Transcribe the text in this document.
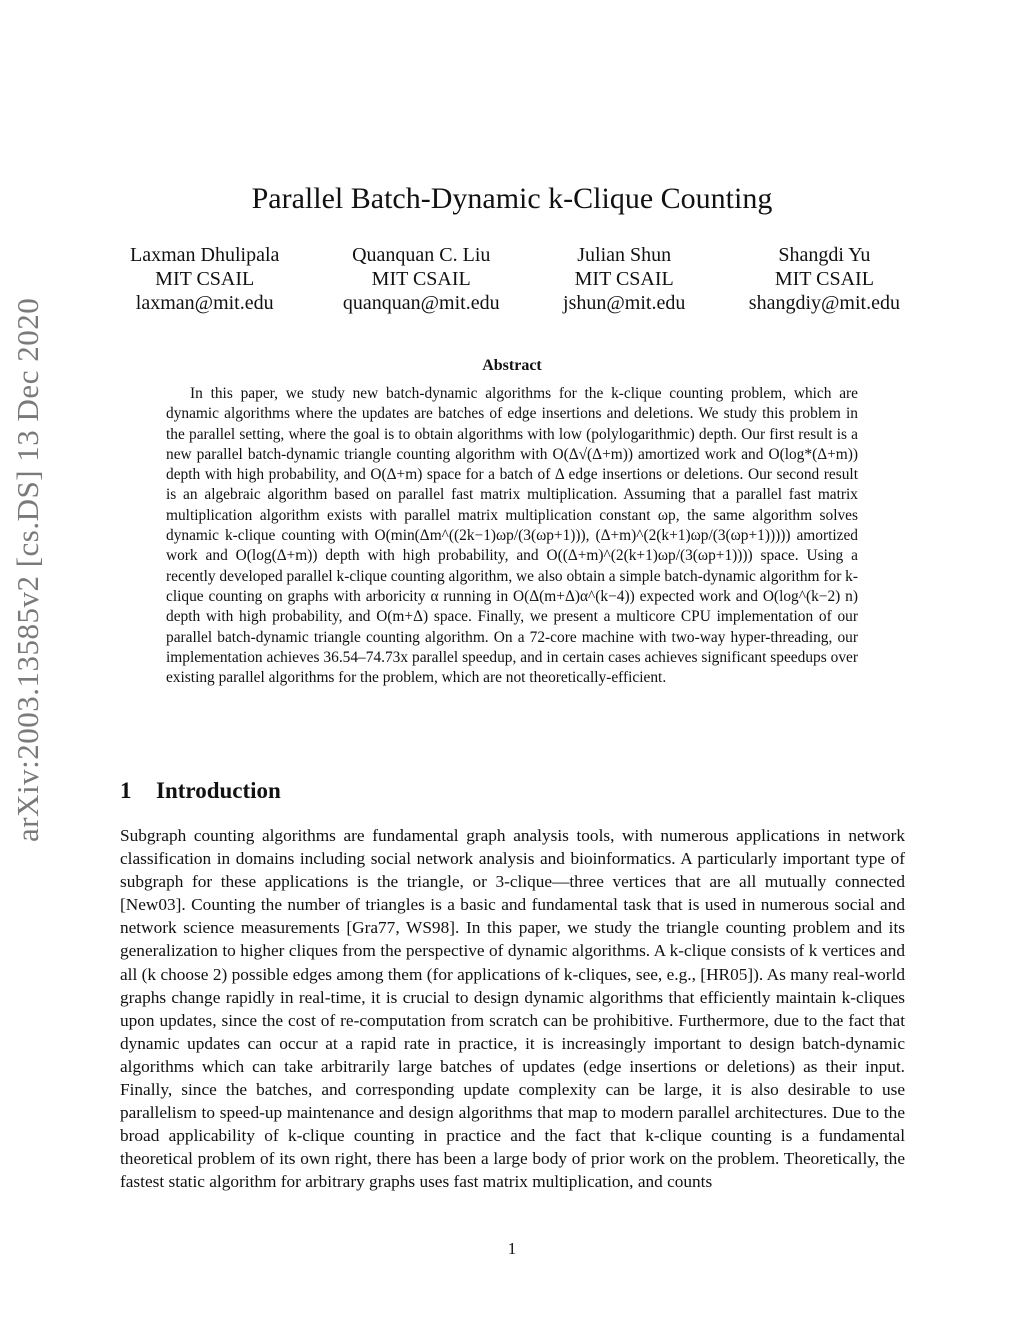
arXiv:2003.13585v2 [cs.DS] 13 Dec 2020
Parallel Batch-Dynamic k-Clique Counting
Laxman Dhulipala
MIT CSAIL
laxman@mit.edu
Quanquan C. Liu
MIT CSAIL
quanquan@mit.edu
Julian Shun
MIT CSAIL
jshun@mit.edu
Shangdi Yu
MIT CSAIL
shangdiy@mit.edu
Abstract

In this paper, we study new batch-dynamic algorithms for the k-clique counting problem, which are dynamic algorithms where the updates are batches of edge insertions and deletions. We study this problem in the parallel setting, where the goal is to obtain algorithms with low (polylogarithmic) depth. Our first result is a new parallel batch-dynamic triangle counting algorithm with O(Δ√(Δ+m)) amortized work and O(log*(Δ+m)) depth with high probability, and O(Δ+m) space for a batch of Δ edge insertions or deletions. Our second result is an algebraic algorithm based on parallel fast matrix multiplication. Assuming that a parallel fast matrix multiplication algorithm exists with parallel matrix multiplication constant ωp, the same algorithm solves dynamic k-clique counting with O(min(Δm^((2k−1)ωp/(3(ωp+1))), (Δ+m)^(2(k+1)ωp/(3(ωp+1))))) amortized work and O(log(Δ+m)) depth with high probability, and O((Δ+m)^(2(k+1)ωp/(3(ωp+1)))) space. Using a recently developed parallel k-clique counting algorithm, we also obtain a simple batch-dynamic algorithm for k-clique counting on graphs with arboricity α running in O(Δ(m+Δ)α^(k−4)) expected work and O(log^(k−2) n) depth with high probability, and O(m+Δ) space. Finally, we present a multicore CPU implementation of our parallel batch-dynamic triangle counting algorithm. On a 72-core machine with two-way hyper-threading, our implementation achieves 36.54–74.73x parallel speedup, and in certain cases achieves significant speedups over existing parallel algorithms for the problem, which are not theoretically-efficient.

1 Introduction

Subgraph counting algorithms are fundamental graph analysis tools, with numerous applications in network classification in domains including social network analysis and bioinformatics. A particularly important type of subgraph for these applications is the triangle, or 3-clique—three vertices that are all mutually connected [New03]. Counting the number of triangles is a basic and fundamental task that is used in numerous social and network science measurements [Gra77, WS98]. In this paper, we study the triangle counting problem and its generalization to higher cliques from the perspective of dynamic algorithms. A k-clique consists of k vertices and all (k choose 2) possible edges among them (for applications of k-cliques, see, e.g., [HR05]). As many real-world graphs change rapidly in real-time, it is crucial to design dynamic algorithms that efficiently maintain k-cliques upon updates, since the cost of re-computation from scratch can be prohibitive. Furthermore, due to the fact that dynamic updates can occur at a rapid rate in practice, it is increasingly important to design batch-dynamic algorithms which can take arbitrarily large batches of updates (edge insertions or deletions) as their input. Finally, since the batches, and corresponding update complexity can be large, it is also desirable to use parallelism to speed-up maintenance and design algorithms that map to modern parallel architectures. Due to the broad applicability of k-clique counting in practice and the fact that k-clique counting is a fundamental theoretical problem of its own right, there has been a large body of prior work on the problem. Theoretically, the fastest static algorithm for arbitrary graphs uses fast matrix multiplication, and counts

1
